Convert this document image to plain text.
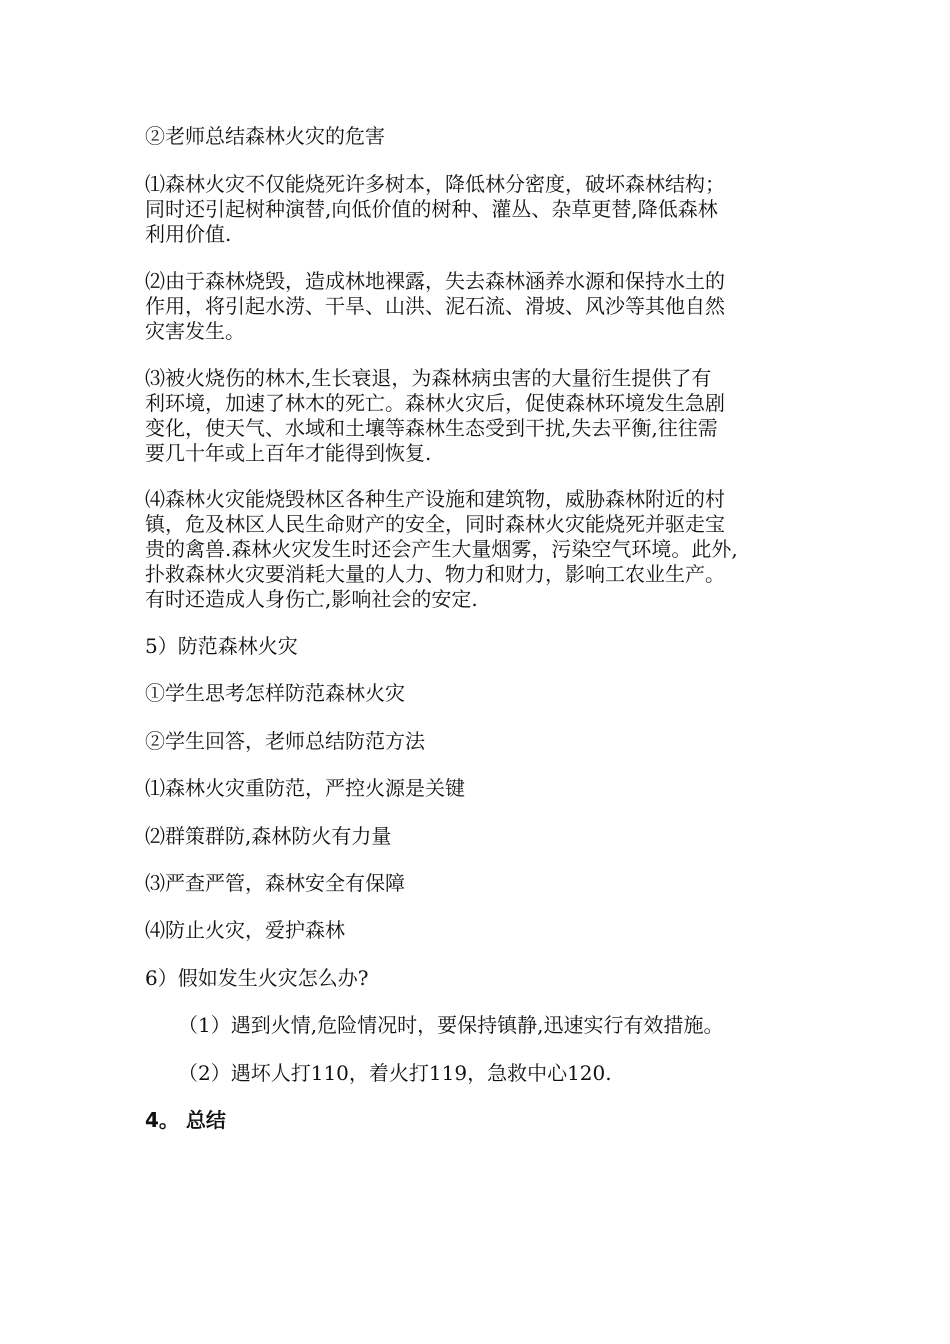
②老师总结森林火灾的危害

⑴森林火灾不仅能烧死许多树本，降低林分密度，破坏森林结构；
同时还引起树种演替,向低价值的树种、灌丛、杂草更替,降低森林
利用价值.
⑵由于森林烧毁，造成林地裸露，失去森林涵养水源和保持水土的
作用，将引起水涝、干旱、山洪、泥石流、滑坡、风沙等其他自然
灾害发生。
⑶被火烧伤的林木,生长衰退，为森林病虫害的大量衍生提供了有
利环境，加速了林木的死亡。森林火灾后，促使森林环境发生急剧
变化，使天气、水域和土壤等森林生态受到干扰,失去平衡,往往需
要几十年或上百年才能得到恢复.
⑷森林火灾能烧毁林区各种生产设施和建筑物，威胁森林附近的村
镇，危及林区人民生命财产的安全，同时森林火灾能烧死并驱走宝
贵的禽兽.森林火灾发生时还会产生大量烟雾，污染空气环境。此外,
扑救森林火灾要消耗大量的人力、物力和财力，影响工农业生产。
有时还造成人身伤亡,影响社会的安定.

5）防范森林火灾

①学生思考怎样防范森林火灾

②学生回答，老师总结防范方法

⑴森林火灾重防范，严控火源是关键

⑵群策群防,森林防火有力量

⑶严查严管，森林安全有保障

⑷防止火灾，爱护森林

6）假如发生火灾怎么办?

（1）遇到火情,危险情况时，要保持镇静,迅速实行有效措施。

（2）遇坏人打110，着火打119，急救中心120.

4。 总结
